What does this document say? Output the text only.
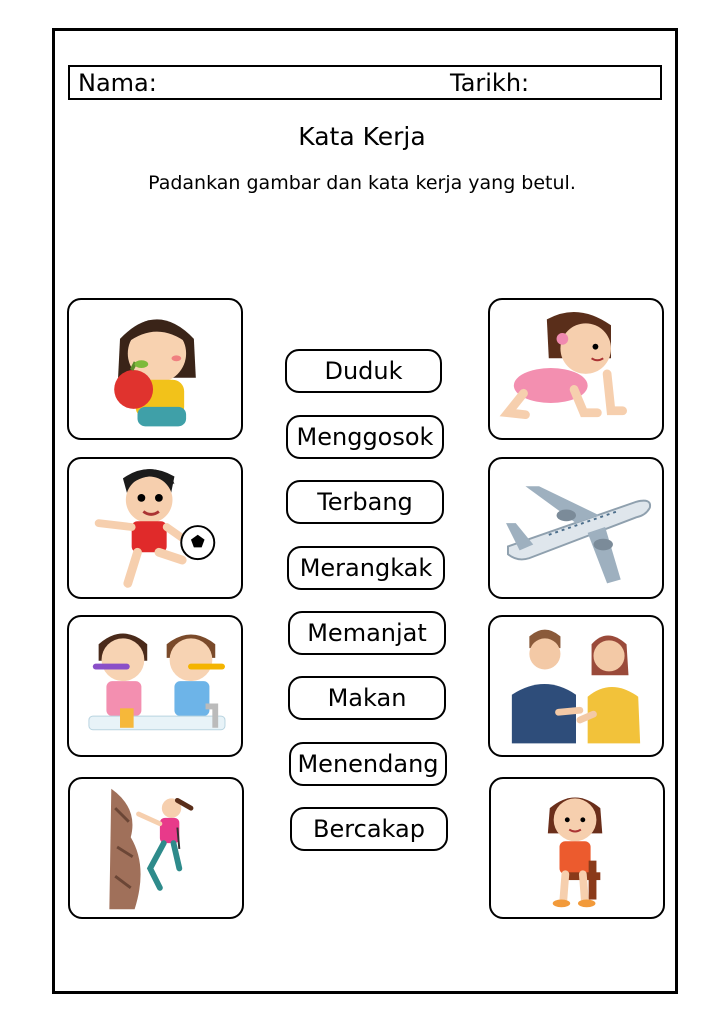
Nama:	Tarikh:
Kata Kerja
Padankan gambar dan kata kerja yang betul.
Duduk
Menggosok
Terbang
Merangkak
Memanjat
Makan
Menendang
Bercakap
